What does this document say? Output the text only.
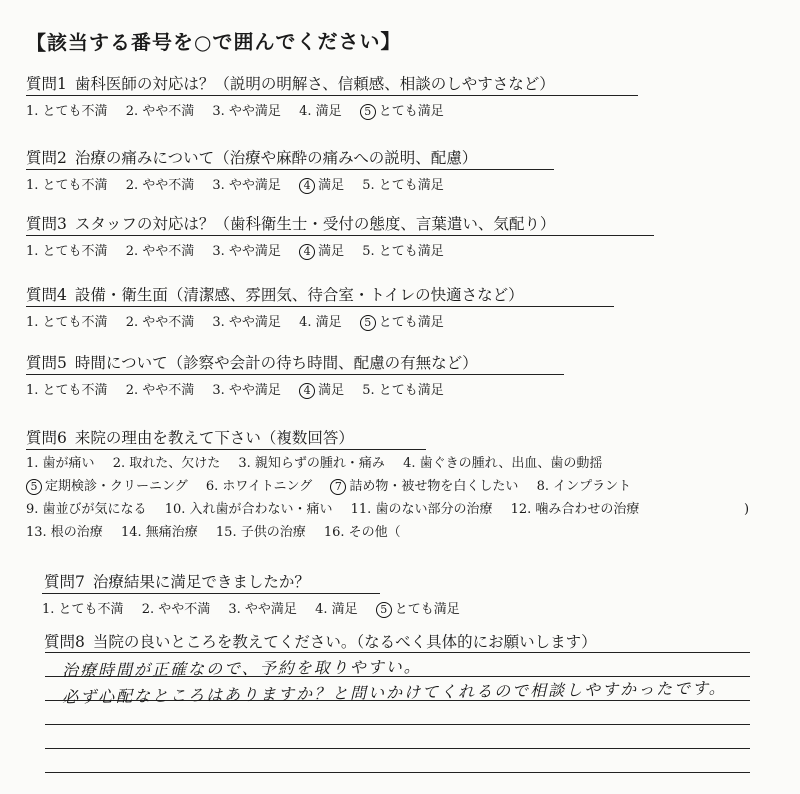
【該当する番号を○で囲んでください】
質問1 歯科医師の対応は？（説明の明解さ、信頼感、相談のしやすさなど）
1. とても不満 2. やや不満 3. やや満足 4. 満足 5 とても満足
質問2 治療の痛みについて（治療や麻酔の痛みへの説明、配慮）
1. とても不満 2. やや不満 3. やや満足 4 満足 5. とても満足
質問3 スタッフの対応は？（歯科衛生士・受付の態度、言葉遣い、気配り）
1. とても不満 2. やや不満 3. やや満足 4 満足 5. とても満足
質問4 設備・衛生面（清潔感、雰囲気、待合室・トイレの快適さなど）
1. とても不満 2. やや不満 3. やや満足 4. 満足 5 とても満足
質問5 時間について（診察や会計の待ち時間、配慮の有無など）
1. とても不満 2. やや不満 3. やや満足 4 満足 5. とても満足
質問6 来院の理由を教えて下さい（複数回答）
1. 歯が痛い 2. 取れた、欠けた 3. 親知らずの腫れ・痛み 4. 歯ぐきの腫れ、出血、歯の動揺
5 定期検診・クリーニング 6. ホワイトニング 7 詰め物・被せ物を白くしたい 8. インプラント
9. 歯並びが気になる 10. 入れ歯が合わない・痛い 11. 歯のない部分の治療 12. 噛み合わせの治療
13. 根の治療 14. 無痛治療 15. 子供の治療 16. その他（
)
質問7 治療結果に満足できましたか？
1. とても不満 2. やや不満 3. やや満足 4. 満足 5 とても満足
質問8 当院の良いところを教えてください。（なるべく具体的にお願いします）
治療時間が正確なので、予約を取りやすい。
必ず心配なところはありますか？と問いかけてくれるので相談しやすかったです。
